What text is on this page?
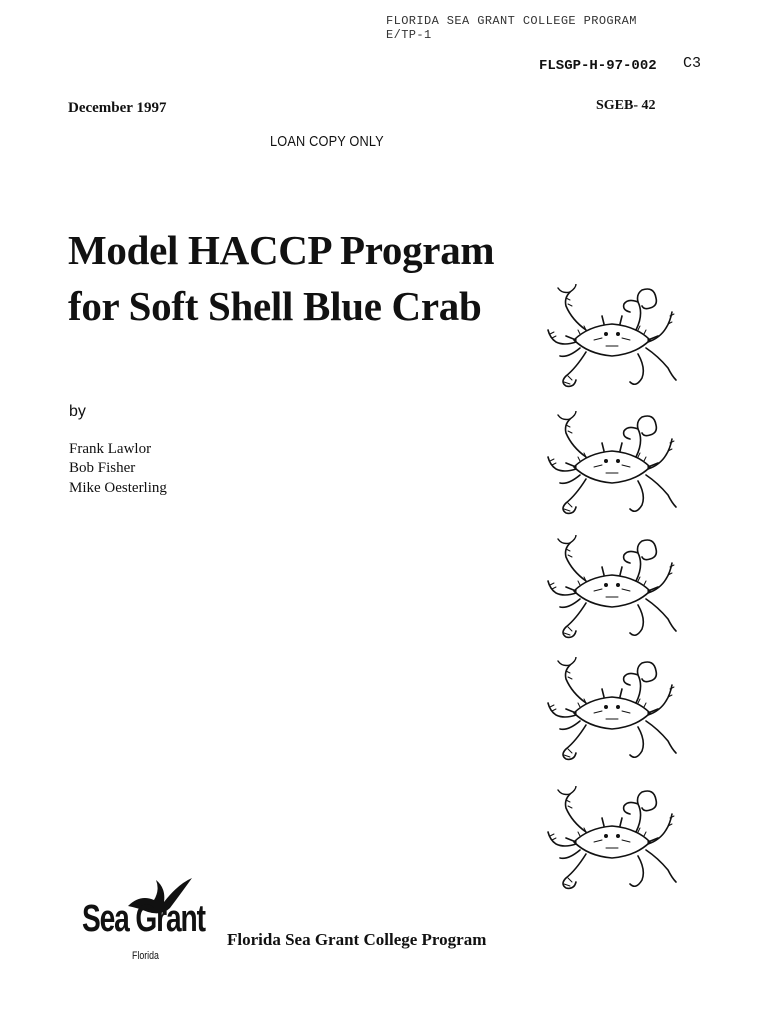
FLORIDA SEA GRANT COLLEGE PROGRAM
E/TP-1
FLSGP-H-97-002 C3
December 1997	SGEB- 42
LOAN COPY ONLY
Model HACCP Program
for Soft Shell Blue Crab
by
Frank Lawlor
Bob Fisher
Mike Oesterling
Sea Grant
Florida
Florida Sea Grant College Program
